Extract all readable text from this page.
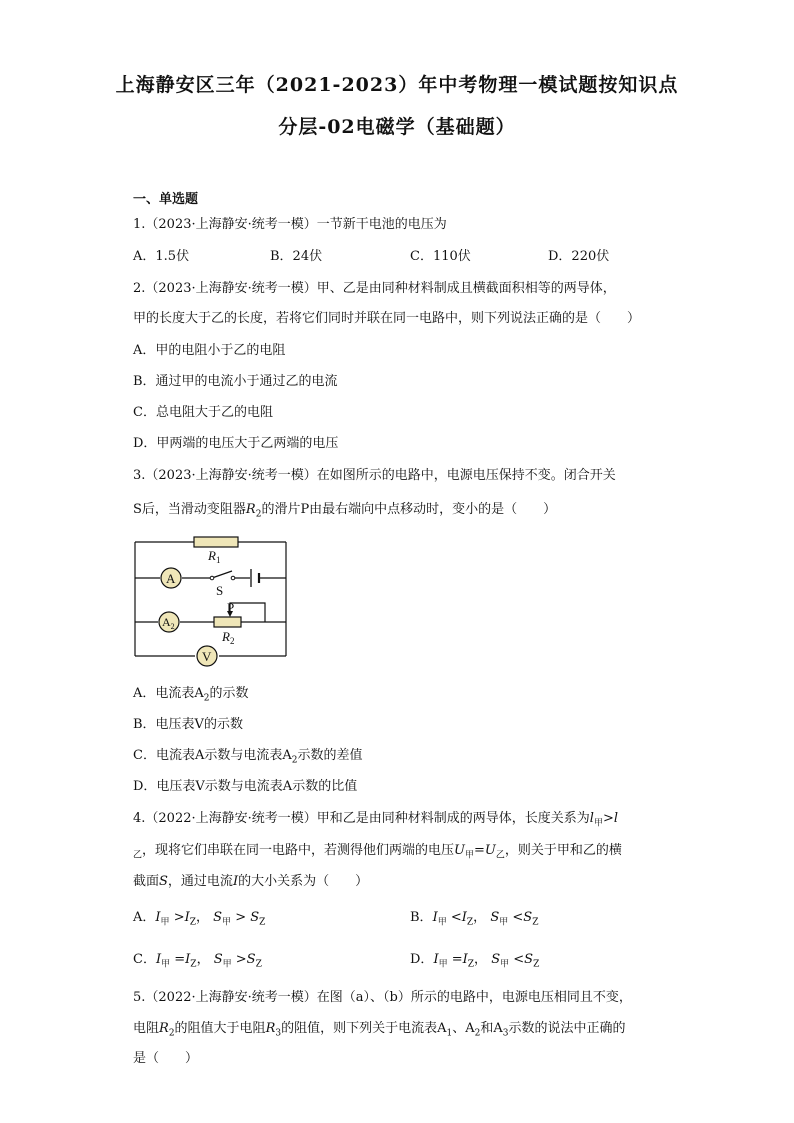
上海静安区三年（2021-2023）年中考物理一模试题按知识点
分层-02电磁学（基础题）
一、单选题
1.（2023·上海静安·统考一模）一节新干电池的电压为
A．1.5伏	B．24伏	C．110伏	D．220伏
2.（2023·上海静安·统考一模）甲、乙是由同种材料制成且横截面积相等的两导体，
甲的长度大于乙的长度，若将它们同时并联在同一电路中，则下列说法正确的是（　　）
A．甲的电阻小于乙的电阻
B．通过甲的电流小于通过乙的电流
C．总电阻大于乙的电阻
D．甲两端的电压大于乙两端的电压
3.（2023·上海静安·统考一模）在如图所示的电路中，电源电压保持不变。闭合开关
S后，当滑动变阻器$R_2$的滑片P由最右端向中点移动时，变小的是（　　）
A
$A_2$
V
$R_1$
S
P
$R_2$
A．电流表$A_2$的示数
B．电压表V的示数
C．电流表A示数与电流表$A_2$示数的差值
D．电压表V示数与电流表A示数的比值
4.（2022·上海静安·统考一模）甲和乙是由同种材料制成的两导体，长度关系为$l_甲>l$
$_乙$，现将它们串联在同一电路中，若测得他们两端的电压$U_甲=U_乙$，则关于甲和乙的横
截面S，通过电流I的大小关系为（　　）
A．$I_甲 >I_Z$， $S_甲 > S_Z$	B．$I_甲 <I_Z$， $S_甲 <S_Z$
C．$I_甲 =I_Z$， $S_甲 >S_Z$	D．$I_甲 =I_Z$， $S_甲 <S_Z$
5.（2022·上海静安·统考一模）在图（a）、（b）所示的电路中，电源电压相同且不变，
电阻$R_2$的阻值大于电阻$R_3$的阻值，则下列关于电流表$A_1$、$A_2$和$A_3$示数的说法中正确的
是（　　）
